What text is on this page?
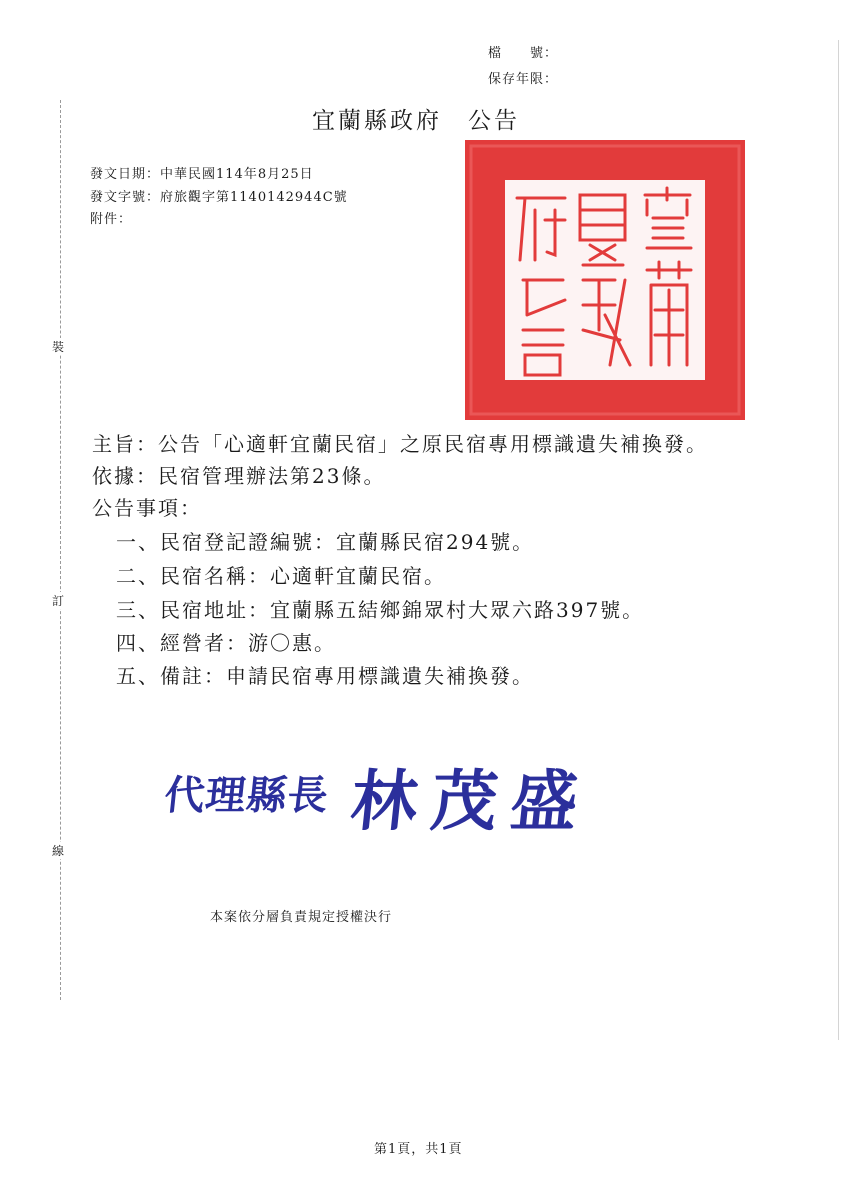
裝
訂
線
檔　　號：
保存年限：
宜蘭縣政府　公告
發文日期：中華民國114年8月25日
發文字號：府旅觀字第1140142944C號
附件：
主旨：公告「心適軒宜蘭民宿」之原民宿專用標識遺失補換發。
依據：民宿管理辦法第23條。
公告事項：
一、民宿登記證編號：宜蘭縣民宿294號。
二、民宿名稱：心適軒宜蘭民宿。
三、民宿地址：宜蘭縣五結鄉錦眾村大眾六路397號。
四、經營者：游〇惠。
五、備註：申請民宿專用標識遺失補換發。
代理縣長 林茂盛
本案依分層負責規定授權決行
第1頁，共1頁
